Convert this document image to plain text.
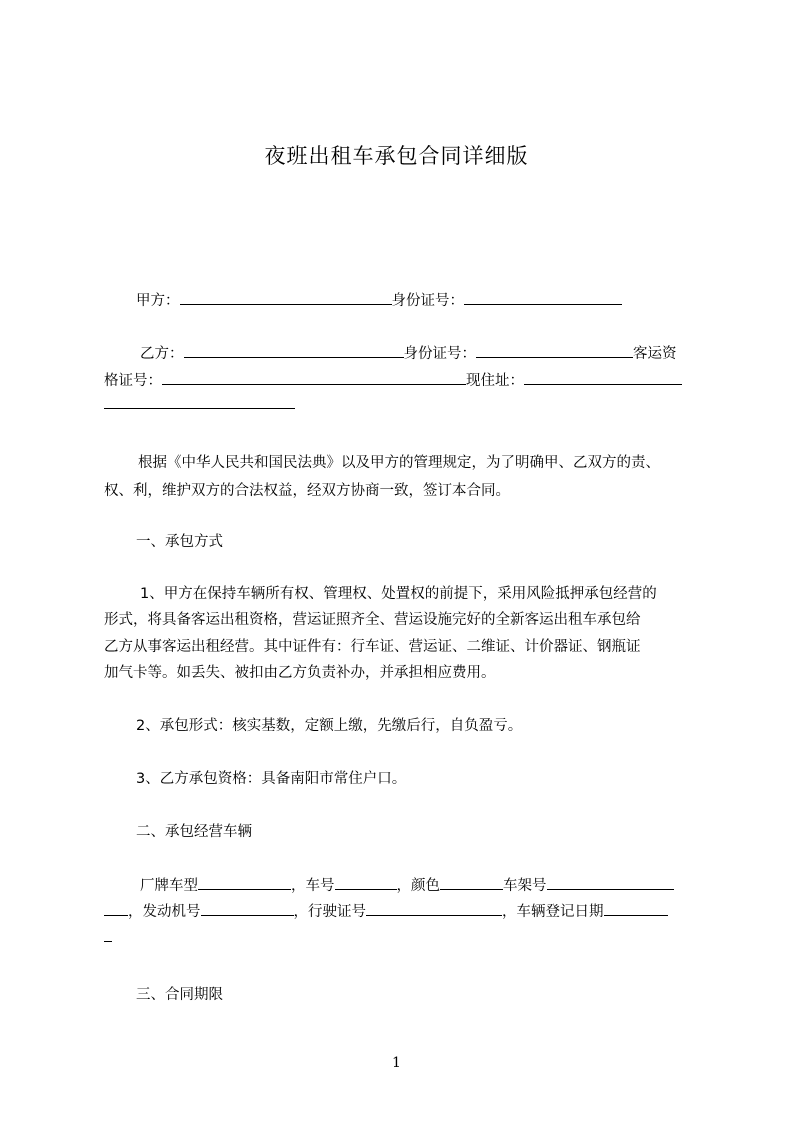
夜班出租车承包合同详细版
甲方：	身份证号：
乙方：	身份证号：	客运资
格证号：	现住址：
根据《中华人民共和国民法典》以及甲方的管理规定，为了明确甲、乙双方的责、
权、利，维护双方的合法权益，经双方协商一致，签订本合同。
一、承包方式
1、甲方在保持车辆所有权、管理权、处置权的前提下，采用风险抵押承包经营的
形式，将具备客运出租资格，营运证照齐全、营运设施完好的全新客运出租车承包给
乙方从事客运出租经营。其中证件有：行车证、营运证、二维证、计价器证、钢瓶证
加气卡等。如丢失、被扣由乙方负责补办，并承担相应费用。
2、承包形式：核实基数，定额上缴，先缴后行，自负盈亏。
3、乙方承包资格：具备南阳市常住户口。
二、承包经营车辆
厂牌车型	，车号	，颜色	车架号
，发动机号	，行驶证号	，车辆登记日期
三、合同期限
1
